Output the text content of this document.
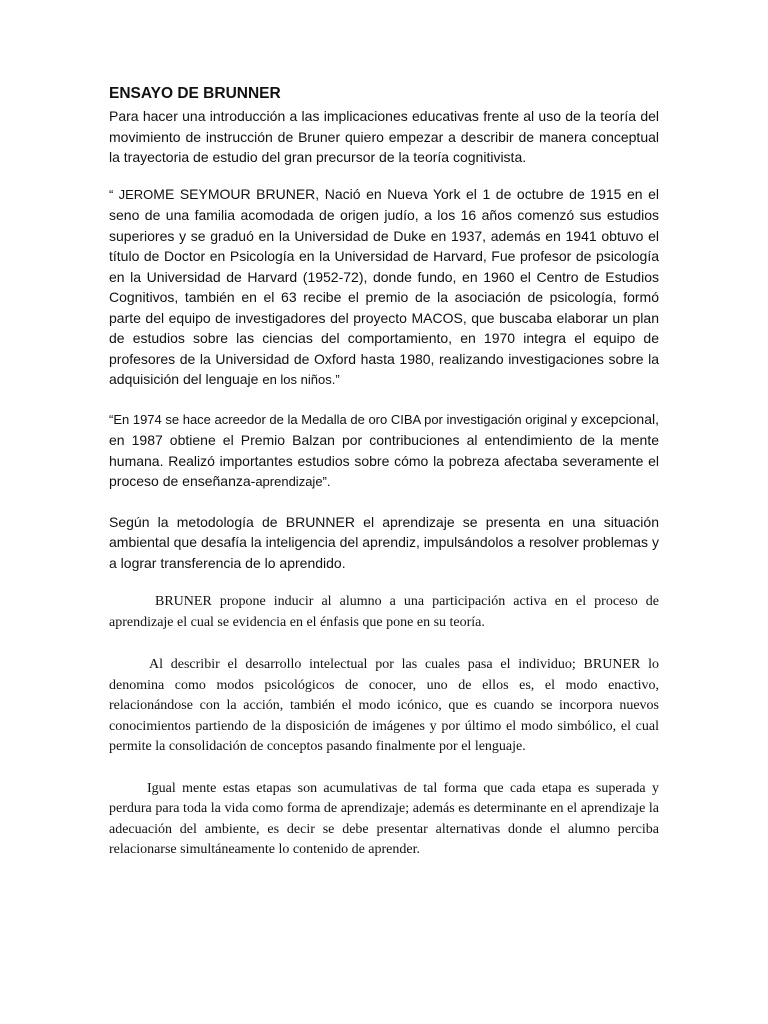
ENSAYO DE BRUNNER

Para hacer una introducción a las implicaciones educativas frente al uso de la teoría del movimiento de instrucción de Bruner quiero empezar a describir de manera conceptual la trayectoria de estudio del gran precursor de la teoría cognitivista.

“ JEROME SEYMOUR BRUNER, Nació en Nueva York el 1 de octubre de 1915 en el seno de una familia acomodada de origen judío, a los 16 años comenzó sus estudios superiores y se graduó en la Universidad de Duke en 1937, además en 1941 obtuvo el título de Doctor en Psicología en la Universidad de Harvard, Fue profesor de psicología en la Universidad de Harvard (1952-72), donde fundo, en 1960 el Centro de Estudios Cognitivos, también en el 63 recibe el premio de la asociación de psicología, formó parte del equipo de investigadores del proyecto MACOS, que buscaba elaborar un plan de estudios sobre las ciencias del comportamiento, en 1970 integra el equipo de profesores de la Universidad de Oxford hasta 1980, realizando investigaciones sobre la adquisición del lenguaje en los niños.”

“En 1974 se hace acreedor de la Medalla de oro CIBA por investigación original y excepcional, en 1987 obtiene el Premio Balzan por contribuciones al entendimiento de la mente humana. Realizó importantes estudios sobre cómo la pobreza afectaba severamente el proceso de enseñanza-aprendizaje”.

Según la metodología de BRUNNER el aprendizaje se presenta en una situación ambiental que desafía la inteligencia del aprendiz, impulsándolos a resolver problemas y a lograr transferencia de lo aprendido.

BRUNER propone inducir al alumno a una participación activa en el proceso de aprendizaje el cual se evidencia en el énfasis que pone en su teoría.

Al describir el desarrollo intelectual por las cuales pasa el individuo; BRUNER lo denomina como modos psicológicos de conocer, uno de ellos es, el modo enactivo, relacionándose con la acción, también el modo icónico, que es cuando se incorpora nuevos conocimientos partiendo de la disposición de imágenes y por último el modo simbólico, el cual permite la consolidación de conceptos pasando finalmente por el lenguaje.

Igual mente estas etapas son acumulativas de tal forma que cada etapa es superada y perdura para toda la vida como forma de aprendizaje; además es determinante en el aprendizaje la adecuación del ambiente, es decir se debe presentar alternativas donde el alumno perciba relacionarse simultáneamente lo contenido de aprender.
